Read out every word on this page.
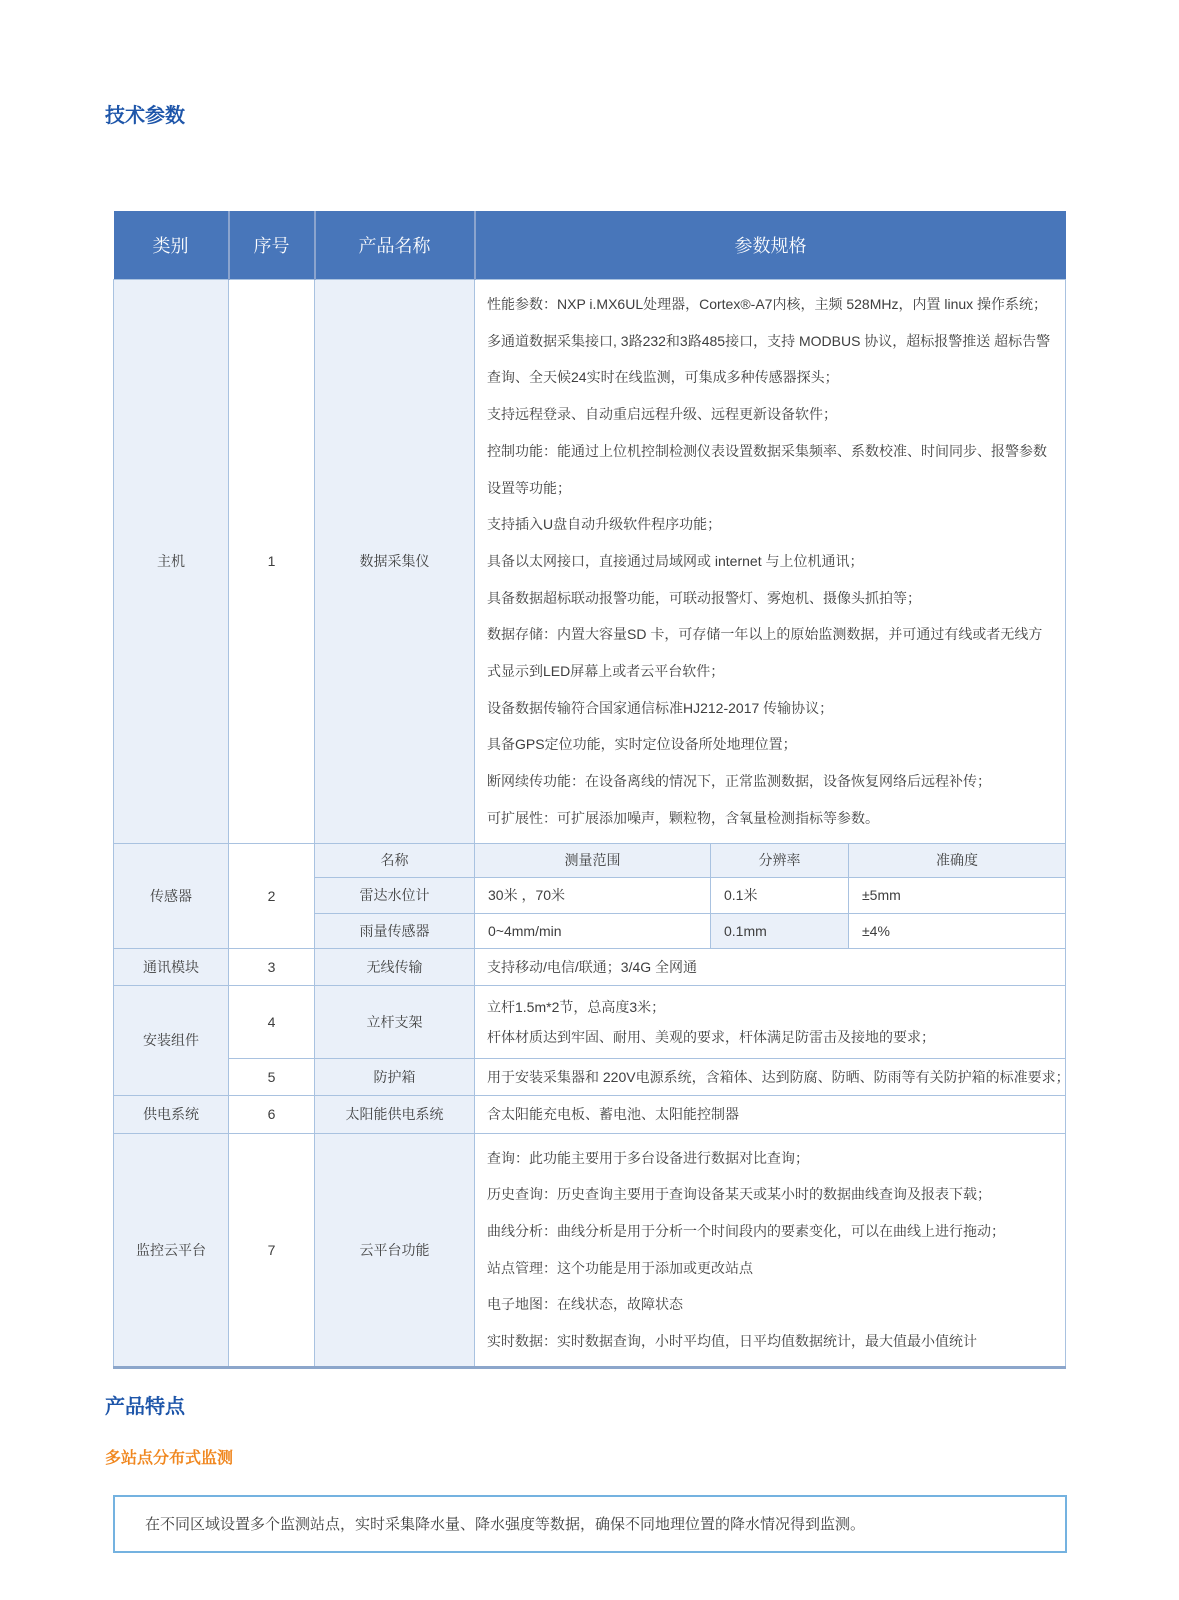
技术参数
类别	序号	产品名称	参数规格		
主机	1	数据采集仪	

性能参数：NXP i.MX6UL处理器，Cortex®-A7内核，主频 528MHz，内置 linux 操作系统；

多通道数据采集接口, 3路232和3路485接口，支持 MODBUS 协议，超标报警推送 超标告警查询、全天候24实时在线监测，可集成多种传感器探头；

支持远程登录、自动重启远程升级、远程更新设备软件；

控制功能：能通过上位机控制检测仪表设置数据采集频率、系数校准、时间同步、报警参数设置等功能；

支持插入U盘自动升级软件程序功能；

具备以太网接口，直接通过局域网或 internet 与上位机通讯；

具备数据超标联动报警功能，可联动报警灯、雾炮机、摄像头抓拍等；

数据存储：内置大容量SD 卡，可存储一年以上的原始监测数据，并可通过有线或者无线方式显示到LED屏幕上或者云平台软件；

设备数据传输符合国家通信标准HJ212-2017 传输协议；

具备GPS定位功能，实时定位设备所处地理位置；

断网续传功能：在设备离线的情况下，正常监测数据，设备恢复网络后远程补传；

可扩展性：可扩展添加噪声，颗粒物，含氧量检测指标等参数。

传感器	2	名称	测量范围	分辨率	准确度
		雷达水位计	30米 ，70米	0.1米	±5mm
		雨量传感器	0~4mm/min	0.1mm	±4%
通讯模块	3	无线传输	支持移动/电信/联通；3/4G 全网通		
安装组件	4	立杆支架	立杆1.5m*2节，总高度3米；

杆体材质达到牢固、耐用、美观的要求，杆体满足防雷击及接地的要求；		

	5	防护箱	用于安装采集器和 220V电源系统，含箱体、达到防腐、防晒、防雨等有关防护箱的标准要求；		
供电系统	6	太阳能供电系统	含太阳能充电板、蓄电池、太阳能控制器		
监控云平台	7	云平台功能	

查询：此功能主要用于多台设备进行数据对比查询；

历史查询：历史查询主要用于查询设备某天或某小时的数据曲线查询及报表下载；

曲线分析：曲线分析是用于分析一个时间段内的要素变化，可以在曲线上进行拖动；

站点管理：这个功能是用于添加或更改站点

电子地图：在线状态，故障状态

实时数据：实时数据查询，小时平均值，日平均值数据统计，最大值最小值统计

产品特点
多站点分布式监测
在不同区域设置多个监测站点，实时采集降水量、降水强度等数据，确保不同地理位置的降水情况得到监测。
